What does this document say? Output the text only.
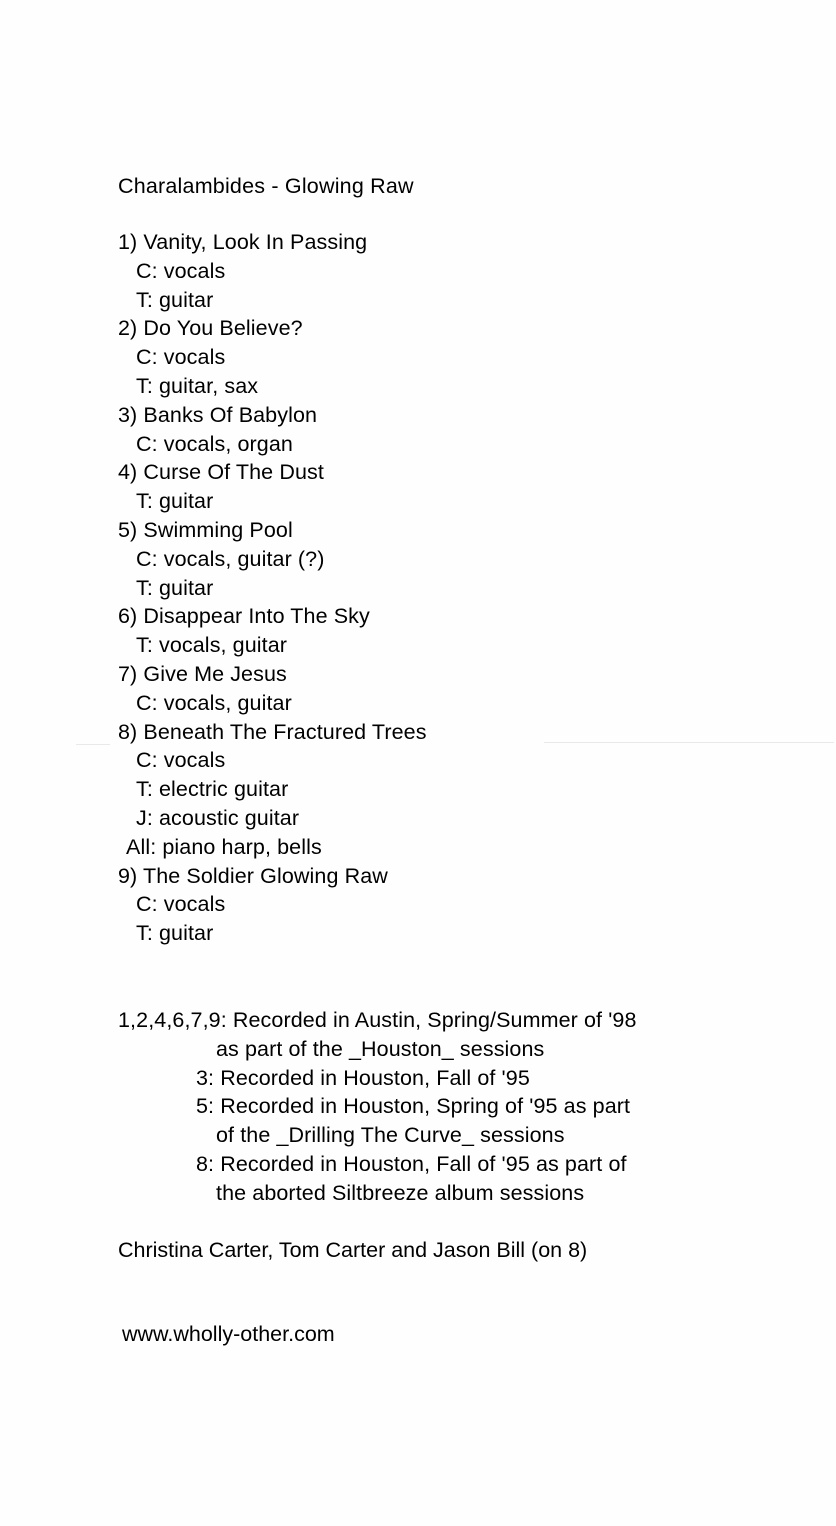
Charalambides - Glowing Raw
1) Vanity, Look In Passing
C: vocals
T: guitar
2) Do You Believe?
C: vocals
T: guitar, sax
3) Banks Of Babylon
C: vocals, organ
4) Curse Of The Dust
T: guitar
5) Swimming Pool
C: vocals, guitar (?)
T: guitar
6) Disappear Into The Sky
T: vocals, guitar
7) Give Me Jesus
C: vocals, guitar
8) Beneath The Fractured Trees
C: vocals
T: electric guitar
J: acoustic guitar
All: piano harp, bells
9) The Soldier Glowing Raw
C: vocals
T: guitar
1,2,4,6,7,9: Recorded in Austin, Spring/Summer of '98
as part of the _Houston_ sessions
3: Recorded in Houston, Fall of '95
5: Recorded in Houston, Spring of '95 as part
of the _Drilling The Curve_ sessions
8: Recorded in Houston, Fall of '95 as part of
the aborted Siltbreeze album sessions
Christina Carter, Tom Carter and Jason Bill (on 8)
www.wholly-other.com
